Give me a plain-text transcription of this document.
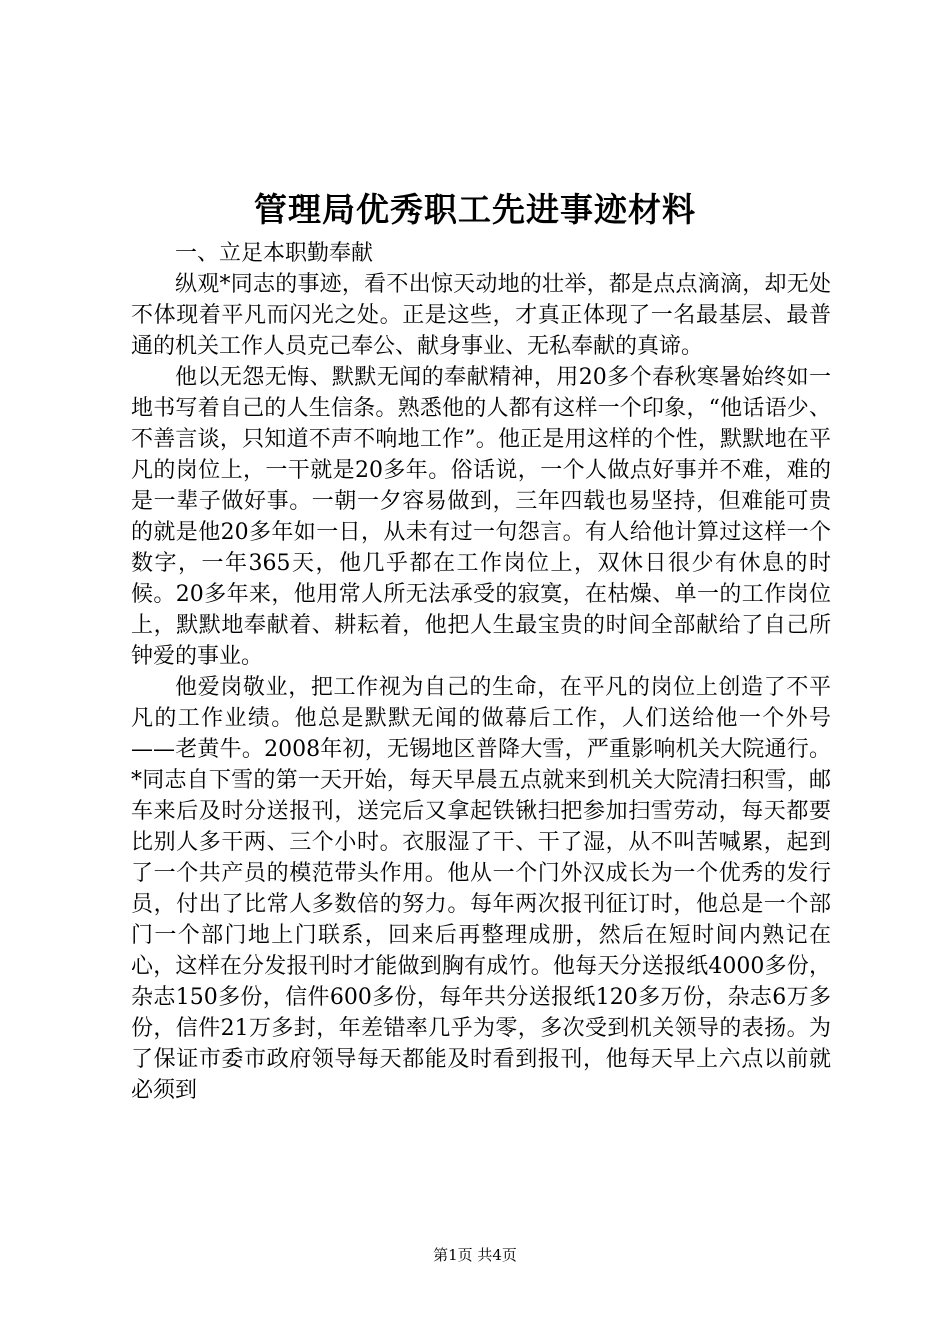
管理局优秀职工先进事迹材料

一、立足本职勤奉献

纵观*同志的事迹，看不出惊天动地的壮举，都是点点滴滴，却无处不体现着平凡而闪光之处。正是这些，才真正体现了一名最基层、最普通的机关工作人员克己奉公、献身事业、无私奉献的真谛。

他以无怨无悔、默默无闻的奉献精神，用20多个春秋寒暑始终如一地书写着自己的人生信条。熟悉他的人都有这样一个印象，“他话语少、不善言谈，只知道不声不响地工作”。他正是用这样的个性，默默地在平凡的岗位上，一干就是20多年。俗话说，一个人做点好事并不难，难的是一辈子做好事。一朝一夕容易做到，三年四载也易坚持，但难能可贵的就是他20多年如一日，从未有过一句怨言。有人给他计算过这样一个数字，一年365天，他几乎都在工作岗位上，双休日很少有休息的时候。20多年来，他用常人所无法承受的寂寞，在枯燥、单一的工作岗位上，默默地奉献着、耕耘着，他把人生最宝贵的时间全部献给了自己所钟爱的事业。

他爱岗敬业，把工作视为自己的生命，在平凡的岗位上创造了不平凡的工作业绩。他总是默默无闻的做幕后工作，人们送给他一个外号——老黄牛。2008年初，无锡地区普降大雪，严重影响机关大院通行。*同志自下雪的第一天开始，每天早晨五点就来到机关大院清扫积雪，邮车来后及时分送报刊，送完后又拿起铁锹扫把参加扫雪劳动，每天都要比别人多干两、三个小时。衣服湿了干、干了湿，从不叫苦喊累，起到了一个共产员的模范带头作用。他从一个门外汉成长为一个优秀的发行员，付出了比常人多数倍的努力。每年两次报刊征订时，他总是一个部门一个部门地上门联系，回来后再整理成册，然后在短时间内熟记在心，这样在分发报刊时才能做到胸有成竹。他每天分送报纸4000多份，杂志150多份，信件600多份，每年共分送报纸120多万份，杂志6万多份，信件21万多封，年差错率几乎为零，多次受到机关领导的表扬。为了保证市委市政府领导每天都能及时看到报刊，他每天早上六点以前就必须到

第1页 共4页
